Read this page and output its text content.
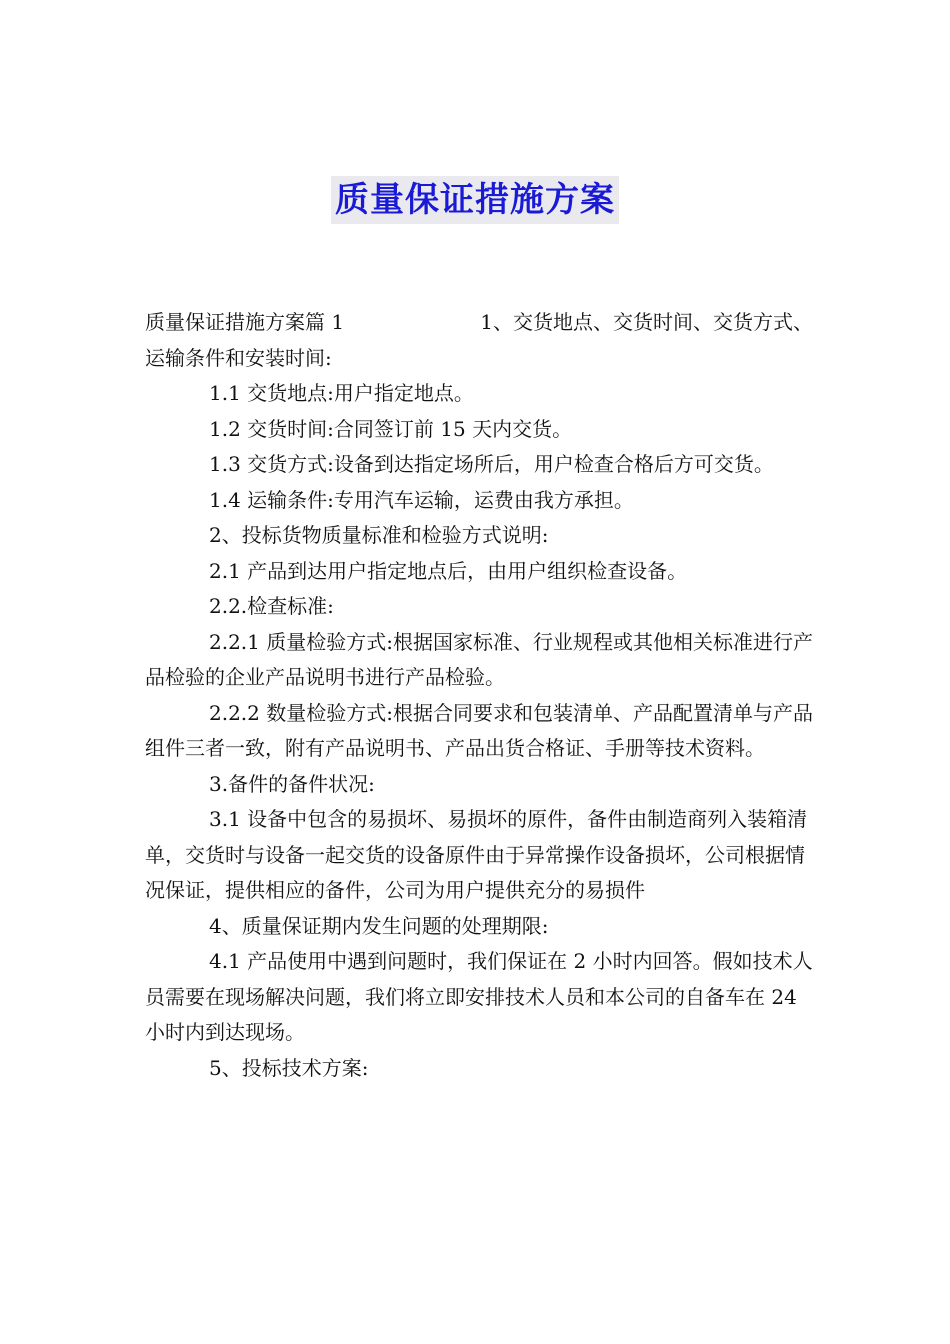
质量保证措施方案
质量保证措施方案篇 1	1、交货地点、交货时间、交货方式、

运输条件和安装时间:

1.1 交货地点:用户指定地点。

1.2 交货时间:合同签订前 15 天内交货。

1.3 交货方式:设备到达指定场所后，用户检查合格后方可交货。

1.4 运输条件:专用汽车运输，运费由我方承担。

2、投标货物质量标准和检验方式说明:

2.1 产品到达用户指定地点后，由用户组织检查设备。

2.2.检查标准:

2.2.1 质量检验方式:根据国家标准、行业规程或其他相关标准进行产品检验的企业产品说明书进行产品检验。

2.2.2 数量检验方式:根据合同要求和包装清单、产品配置清单与产品组件三者一致，附有产品说明书、产品出货合格证、手册等技术资料。

3.备件的备件状况:

3.1 设备中包含的易损坏、易损坏的原件，备件由制造商列入装箱清单，交货时与设备一起交货的设备原件由于异常操作设备损坏，公司根据情况保证，提供相应的备件，公司为用户提供充分的易损件

4、质量保证期内发生问题的处理期限:

4.1 产品使用中遇到问题时，我们保证在 2 小时内回答。假如技术人员需要在现场解决问题，我们将立即安排技术人员和本公司的自备车在 24 小时内到达现场。

5、投标技术方案:
